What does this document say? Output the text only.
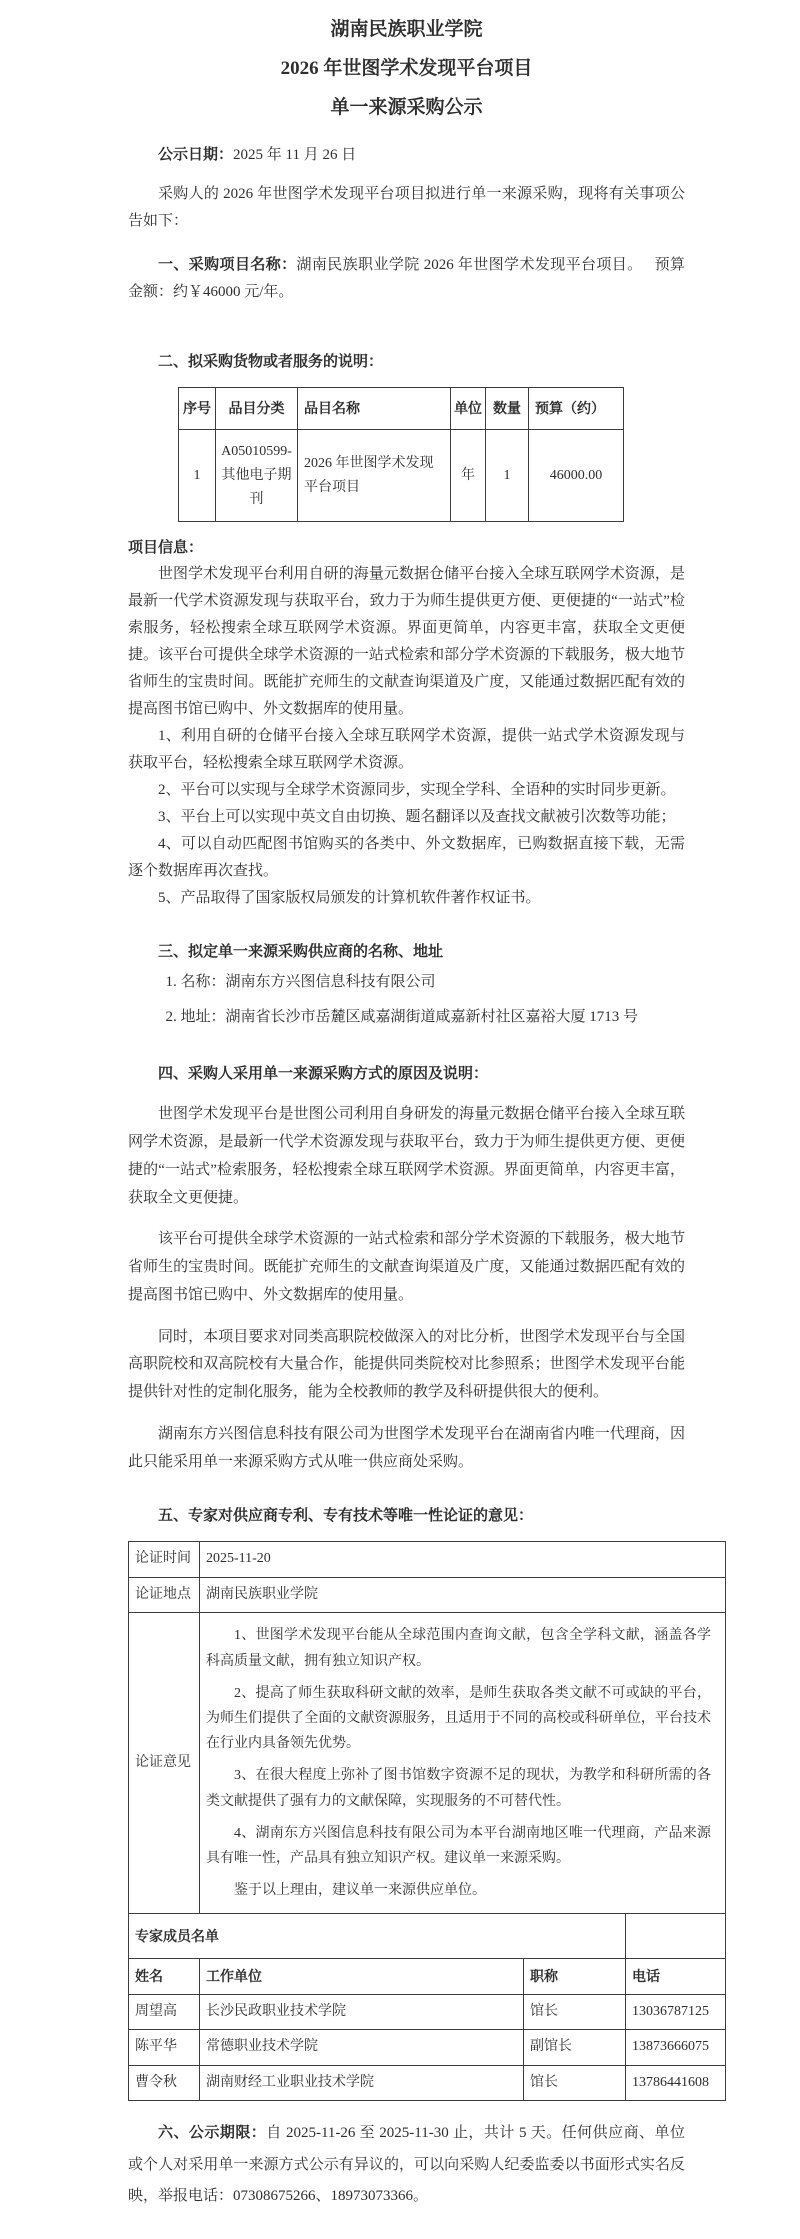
湖南民族职业学院
2026 年世图学术发现平台项目
单一来源采购公示

公示日期：2025 年 11 月 26 日

采购人的 2026 年世图学术发现平台项目拟进行单一来源采购，现将有关事项公告如下：

一、采购项目名称：湖南民族职业学院 2026 年世图学术发现平台项目。　 预算金额：约￥46000 元/年。

二、拟采购货物或者服务的说明：

序号	品目分类	品目名称	单位	数量	预算（约）
1	A05010599-其他电子期刊	2026 年世图学术发现平台项目	年	1	46000.00

项目信息：

世图学术发现平台利用自研的海量元数据仓储平台接入全球互联网学术资源，是最新一代学术资源发现与获取平台，致力于为师生提供更方便、更便捷的“一站式”检索服务，轻松搜索全球互联网学术资源。界面更简单，内容更丰富，获取全文更便捷。该平台可提供全球学术资源的一站式检索和部分学术资源的下载服务，极大地节省师生的宝贵时间。既能扩充师生的文献查询渠道及广度，又能通过数据匹配有效的提高图书馆已购中、外文数据库的使用量。

1、利用自研的仓储平台接入全球互联网学术资源，提供一站式学术资源发现与获取平台，轻松搜索全球互联网学术资源。

2、平台可以实现与全球学术资源同步，实现全学科、全语种的实时同步更新。

3、平台上可以实现中英文自由切换、题名翻译以及查找文献被引次数等功能；

4、可以自动匹配图书馆购买的各类中、外文数据库，已购数据直接下载，无需逐个数据库再次查找。

5、产品取得了国家版权局颁发的计算机软件著作权证书。

三、拟定单一来源采购供应商的名称、地址

1. 名称：湖南东方兴图信息科技有限公司

2. 地址：湖南省长沙市岳麓区咸嘉湖街道咸嘉新村社区嘉裕大厦 1713 号

四、采购人采用单一来源采购方式的原因及说明：

世图学术发现平台是世图公司利用自身研发的海量元数据仓储平台接入全球互联网学术资源，是最新一代学术资源发现与获取平台，致力于为师生提供更方便、更便捷的“一站式”检索服务，轻松搜索全球互联网学术资源。界面更简单，内容更丰富，获取全文更便捷。

该平台可提供全球学术资源的一站式检索和部分学术资源的下载服务，极大地节省师生的宝贵时间。既能扩充师生的文献查询渠道及广度，又能通过数据匹配有效的提高图书馆已购中、外文数据库的使用量。

同时，本项目要求对同类高职院校做深入的对比分析，世图学术发现平台与全国高职院校和双高院校有大量合作，能提供同类院校对比参照系；世图学术发现平台能提供针对性的定制化服务，能为全校教师的教学及科研提供很大的便利。

湖南东方兴图信息科技有限公司为世图学术发现平台在湖南省内唯一代理商，因此只能采用单一来源采购方式从唯一供应商处采购。

五、专家对供应商专利、专有技术等唯一性论证的意见：

论证时间	2025-11-20		
论证地点	湖南民族职业学院		
论证意见	1、世图学术发现平台能从全球范围内查询文献，包含全学科文献，涵盖各学科高质量文献，拥有独立知识产权。

2、提高了师生获取科研文献的效率，是师生获取各类文献不可或缺的平台，为师生们提供了全面的文献资源服务，且适用于不同的高校或科研单位，平台技术在行业内具备领先优势。

3、在很大程度上弥补了图书馆数字资源不足的现状，为教学和科研所需的各类文献提供了强有力的文献保障，实现服务的不可替代性。

4、湖南东方兴图信息科技有限公司为本平台湖南地区唯一代理商，产品来源具有唯一性，产品具有独立知识产权。建议单一来源采购。

鉴于以上理由，建议单一来源供应单位。		

专家成员名单			
姓名	工作单位	职称	电话
周望高	长沙民政职业技术学院	馆长	13036787125
陈平华	常德职业技术学院	副馆长	13873666075
曹令秋	湖南财经工业职业技术学院	馆长	13786441608

六、公示期限：自 2025-11-26 至 2025-11-30 止，共计 5 天。任何供应商、单位或个人对采用单一来源方式公示有异议的，可以向采购人纪委监委以书面形式实名反映，举报电话：07308675266、18973073366。
